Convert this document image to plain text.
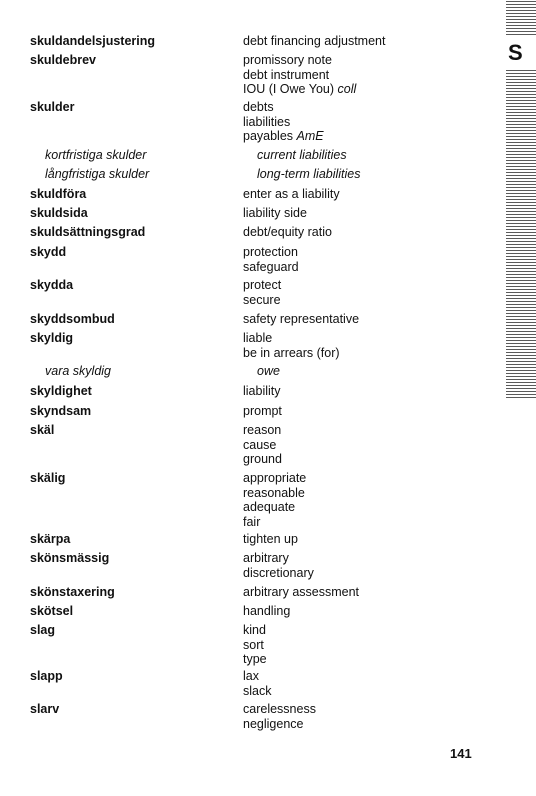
S
skuldandelsjustering	debt financing adjustment
skuldebrev	promissory note
debt instrument
IOU (I Owe You) coll
skulder	debts
liabilities
payables AmE
kortfristiga skulder	current liabilities
långfristiga skulder	long-term liabilities
skuldföra	enter as a liability
skuldsida	liability side
skuldsättningsgrad	debt/equity ratio
skydd	protection
safeguard
skydda	protect
secure
skyddsombud	safety representative
skyldig	liable
be in arrears (for)
vara skyldig	owe
skyldighet	liability
skyndsam	prompt
skäl	reason
cause
ground
skälig	appropriate
reasonable
adequate
fair
skärpa	tighten up
skönsmässig	arbitrary
discretionary
skönstaxering	arbitrary assessment
skötsel	handling
slag	kind
sort
type
slapp	lax
slack
slarv	carelessness
negligence
141
